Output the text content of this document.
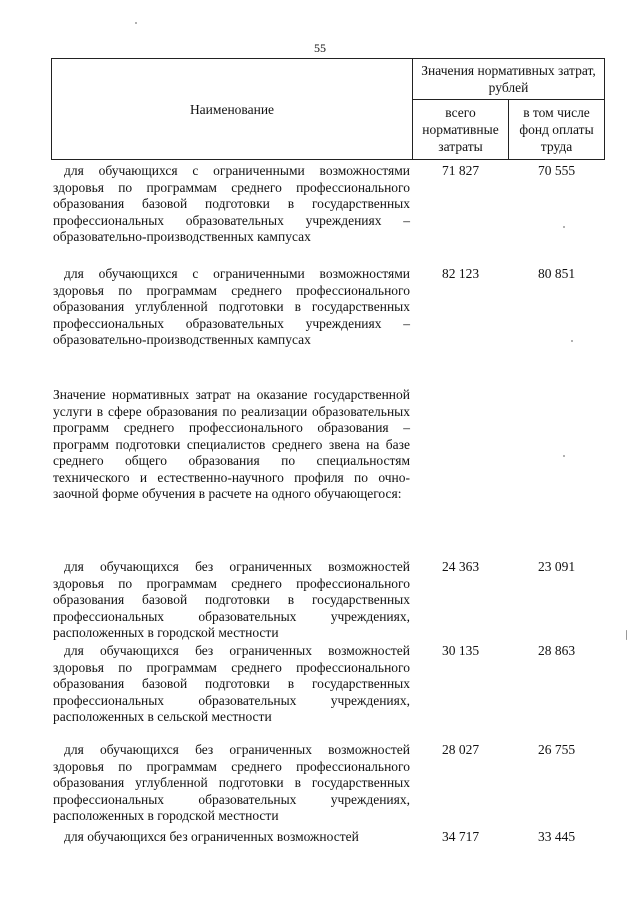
55
Наименование
Значения нормативных затрат, рублей
всего нормативные затраты
в том числе фонд оплаты труда
для обучающихся с ограниченными возможностями здоровья по программам среднего профессионального образования базовой подготовки в государственных профессиональных образовательных учреждениях – образовательно-производственных кампусах
71 827	70 555
для обучающихся с ограниченными возможностями здоровья по программам среднего профессионального образования углубленной подготовки в государственных профессиональных образовательных учреждениях – образовательно-производственных кампусах
82 123	80 851
Значение нормативных затрат на оказание государственной услуги в сфере образования по реализации образовательных программ среднего профессионального образования – программ подготовки специалистов среднего звена на базе среднего общего образования по специальностям технического и естественно-научного профиля по очно-заочной форме обучения в расчете на одного обучающегося:
для обучающихся без ограниченных возможностей здоровья по программам среднего профессионального образования базовой подготовки в государственных профессиональных образовательных учреждениях, расположенных в городской местности
24 363	23 091
для обучающихся без ограниченных возможностей здоровья по программам среднего профессионального образования базовой подготовки в государственных профессиональных образовательных учреждениях, расположенных в сельской местности
30 135	28 863
для обучающихся без ограниченных возможностей здоровья по программам среднего профессионального образования углубленной подготовки в государственных профессиональных образовательных учреждениях, расположенных в городской местности
28 027	26 755
для обучающихся без ограниченных возможностей	34 717	33 445
